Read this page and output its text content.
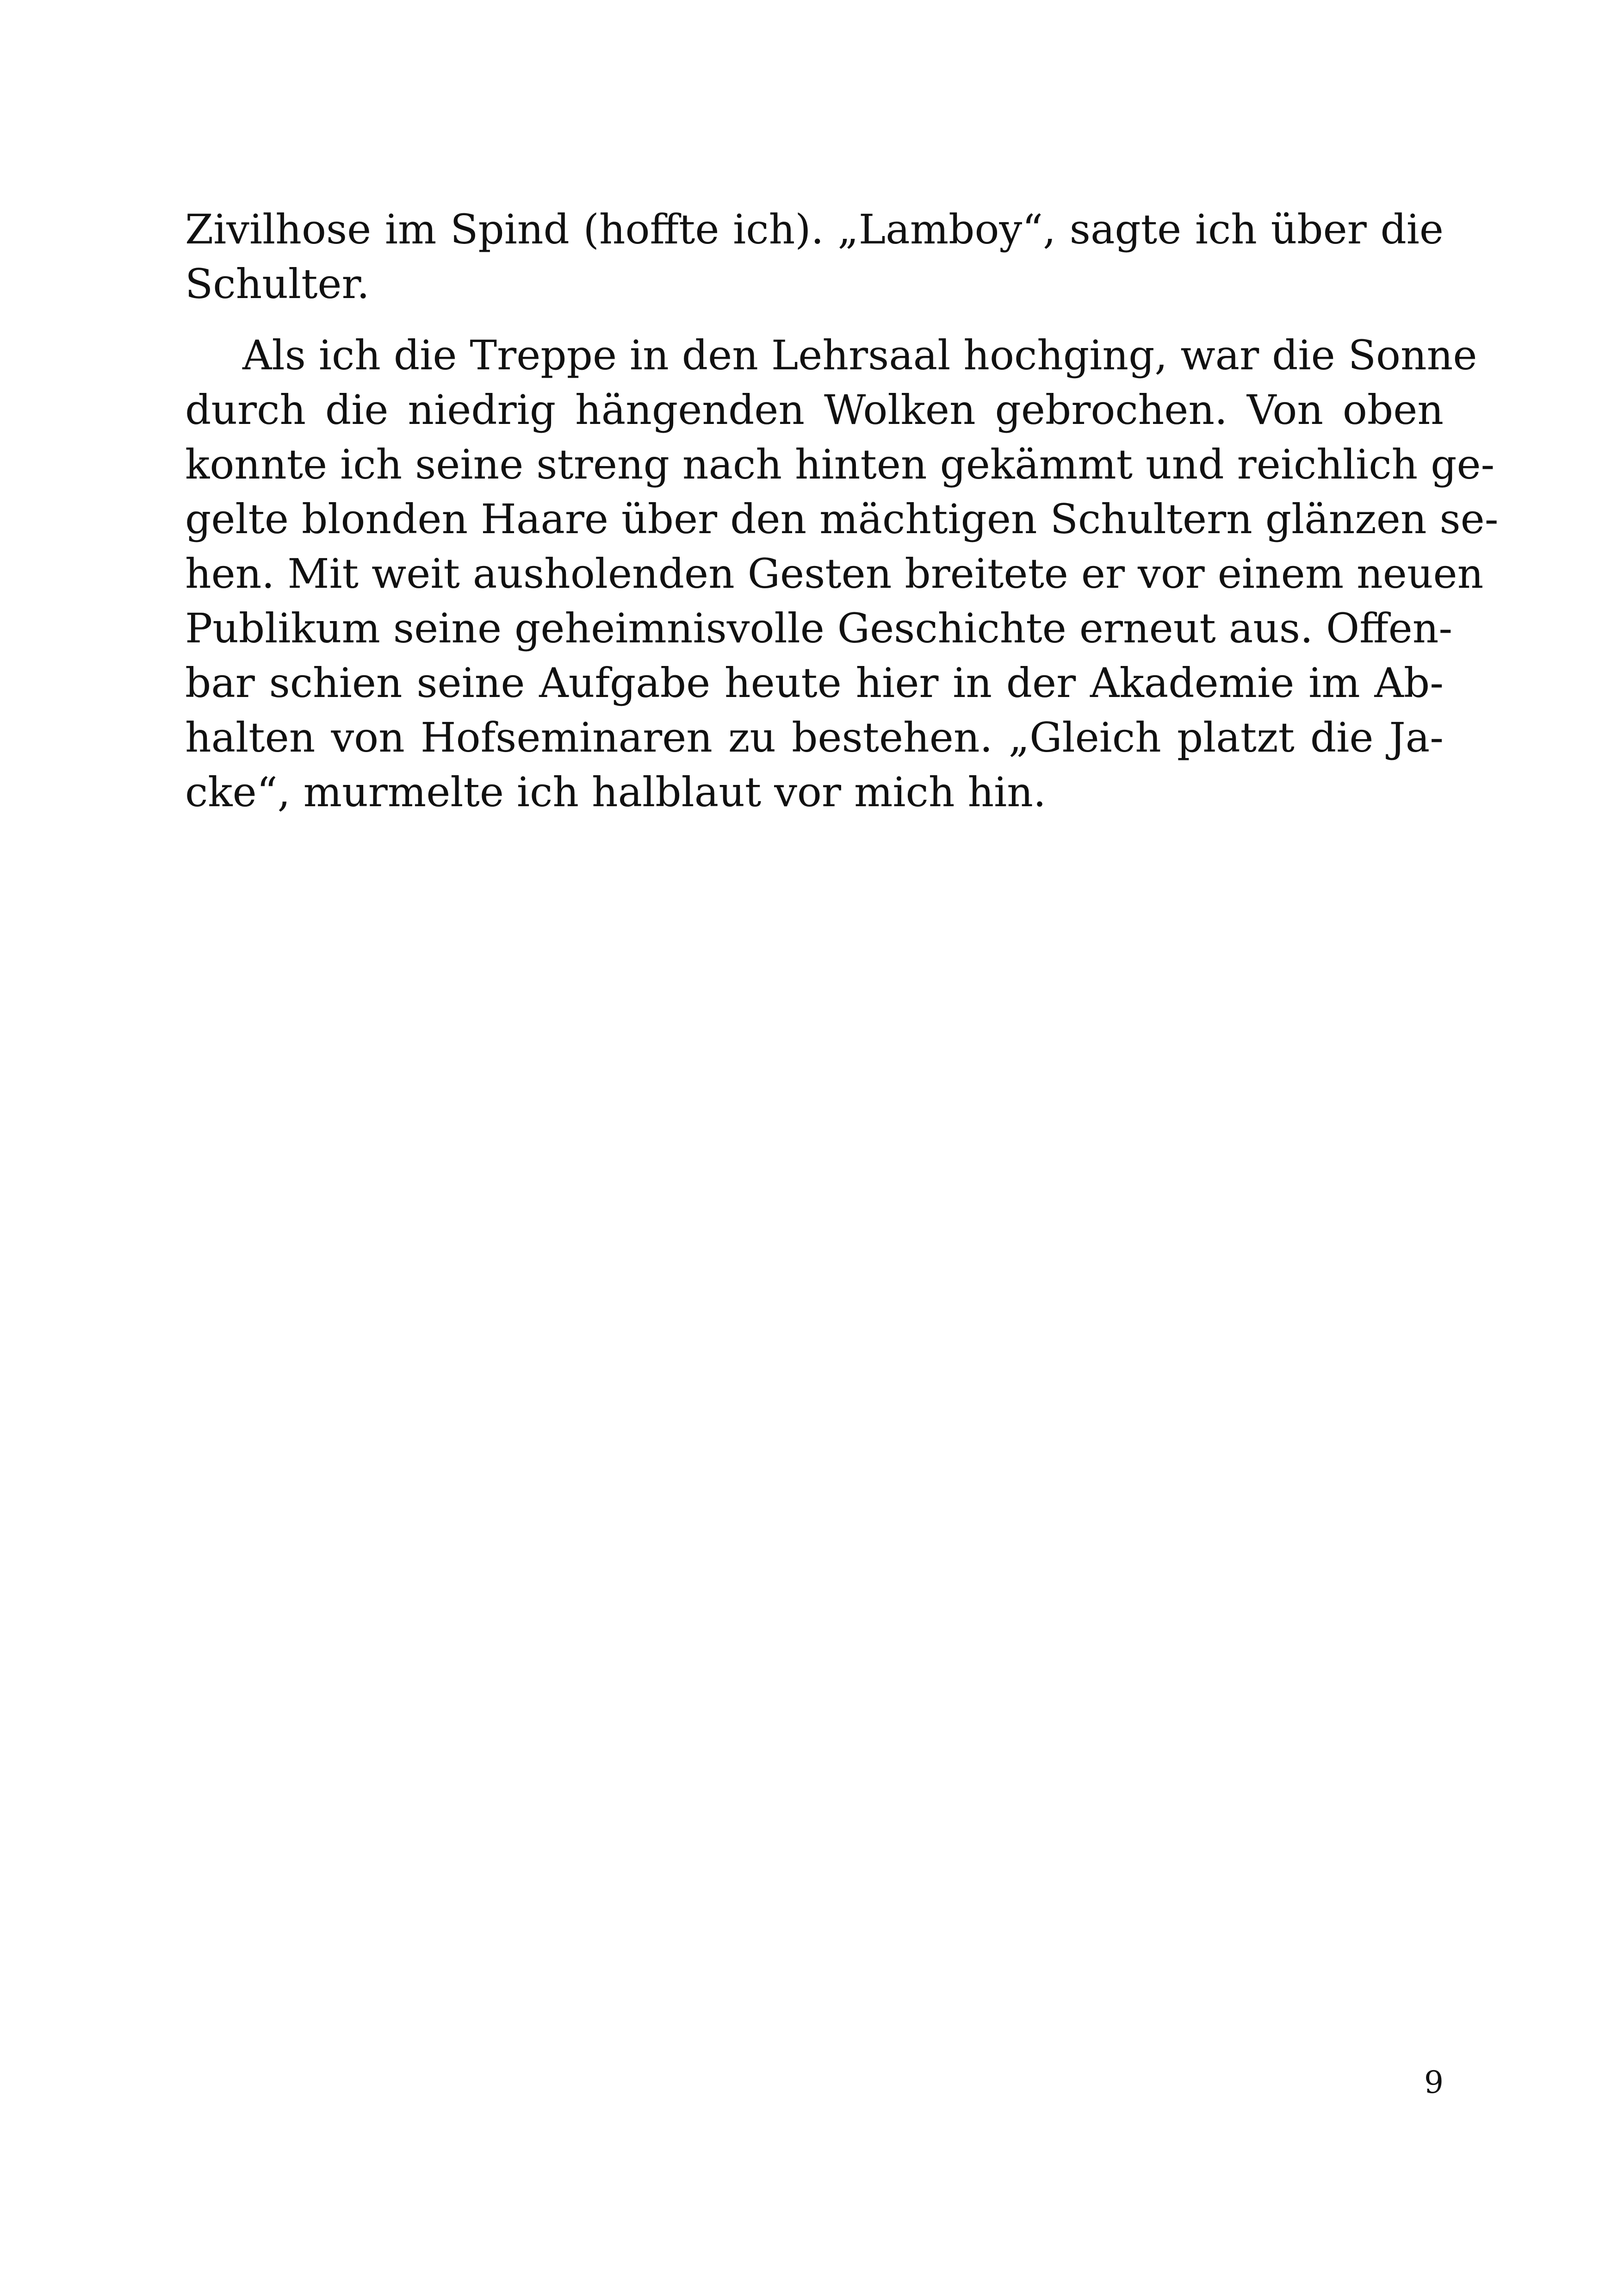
Zivilhose im Spind (hoffte ich). „Lamboy“, sagte ich über die
Schulter.
Als ich die Treppe in den Lehrsaal hochging, war die Sonne
durch die niedrig hängenden Wolken gebrochen. Von oben
konnte ich seine streng nach hinten gekämmt und reichlich ge-
gelte blonden Haare über den mächtigen Schultern glänzen se-
hen. Mit weit ausholenden Gesten breitete er vor einem neuen
Publikum seine geheimnisvolle Geschichte erneut aus. Offen-
bar schien seine Aufgabe heute hier in der Akademie im Ab-
halten von Hofseminaren zu bestehen. „Gleich platzt die Ja-
cke“, murmelte ich halblaut vor mich hin.
9
